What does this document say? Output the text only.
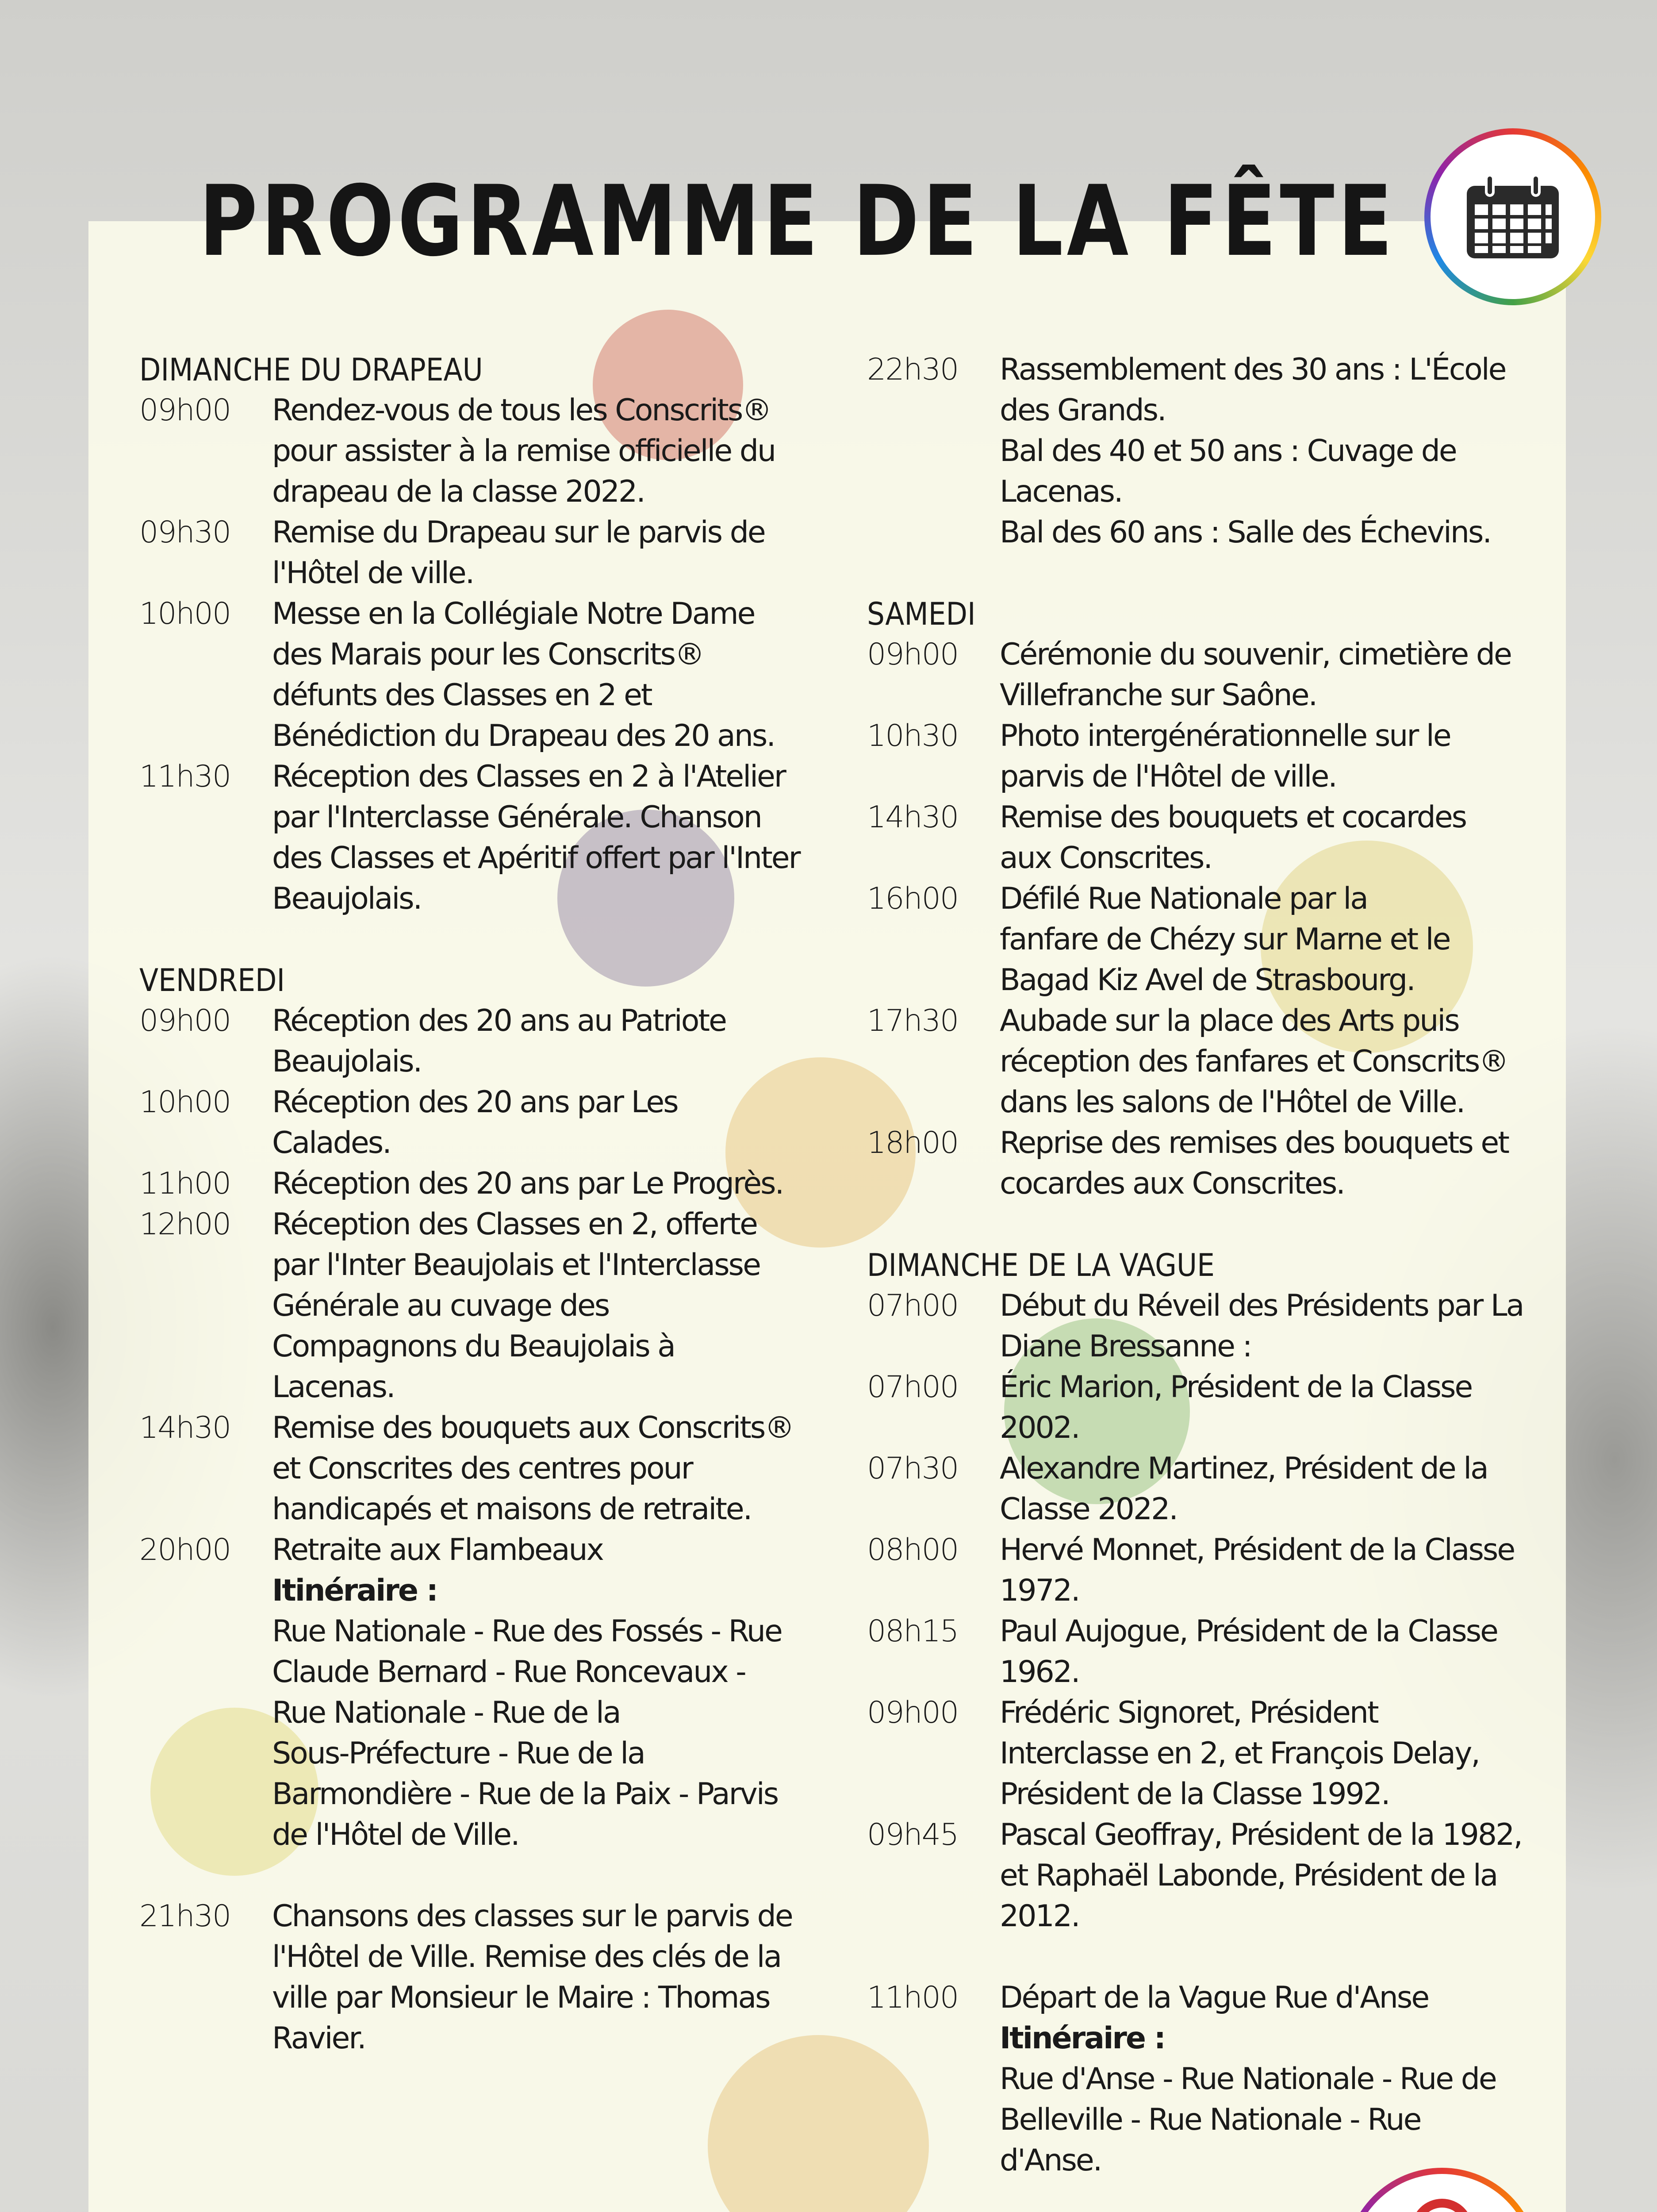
PROGRAMME DE LA FÊTE
DIMANCHE DU DRAPEAU
09h00	Rendez-vous de tous les Conscrits®
pour assister à la remise officielle du
drapeau de la classe 2022.
09h30	Remise du Drapeau sur le parvis de
l'Hôtel de ville.
10h00	Messe en la Collégiale Notre Dame
des Marais pour les Conscrits®
défunts des Classes en 2 et
Bénédiction du Drapeau des 20 ans.
11h30	Réception des Classes en 2 à l'Atelier
par l'Interclasse Générale. Chanson
des Classes et Apéritif offert par l'Inter
Beaujolais.
VENDREDI
09h00	Réception des 20 ans au Patriote
Beaujolais.
10h00	Réception des 20 ans par Les
Calades.
11h00	Réception des 20 ans par Le Progrès.
12h00	Réception des Classes en 2, offerte
par l'Inter Beaujolais et l'Interclasse
Générale au cuvage des
Compagnons du Beaujolais à
Lacenas.
14h30	Remise des bouquets aux Conscrits®
et Conscrites des centres pour
handicapés et maisons de retraite.
20h00	Retraite aux Flambeaux
Itinéraire :
Rue Nationale - Rue des Fossés - Rue
Claude Bernard - Rue Roncevaux -
Rue Nationale - Rue de la
Sous-Préfecture - Rue de la
Barmondière - Rue de la Paix - Parvis
de l'Hôtel de Ville.
21h30	Chansons des classes sur le parvis de
l'Hôtel de Ville. Remise des clés de la
ville par Monsieur le Maire : Thomas
Ravier.
22h30	Rassemblement des 30 ans : L'École
des Grands.
Bal des 40 et 50 ans : Cuvage de
Lacenas.
Bal des 60 ans : Salle des Échevins.
SAMEDI
09h00	Cérémonie du souvenir, cimetière de
Villefranche sur Saône.
10h30	Photo intergénérationnelle sur le
parvis de l'Hôtel de ville.
14h30	Remise des bouquets et cocardes
aux Conscrites.
16h00	Défilé Rue Nationale par la
fanfare de Chézy sur Marne et le
Bagad Kiz Avel de Strasbourg.
17h30	Aubade sur la place des Arts puis
réception des fanfares et Conscrits®
dans les salons de l'Hôtel de Ville.
18h00	Reprise des remises des bouquets et
cocardes aux Conscrites.
DIMANCHE DE LA VAGUE
07h00	Début du Réveil des Présidents par La
Diane Bressanne :
07h00	Éric Marion, Président de la Classe
2002.
07h30	Alexandre Martinez, Président de la
Classe 2022.
08h00	Hervé Monnet, Président de la Classe
1972.
08h15	Paul Aujogue, Président de la Classe
1962.
09h00	Frédéric Signoret, Président
Interclasse en 2, et François Delay,
Président de la Classe 1992.
09h45	Pascal Geoffray, Président de la 1982,
et Raphaël Labonde, Président de la
2012.
11h00	Départ de la Vague Rue d'Anse
Itinéraire :
Rue d'Anse - Rue Nationale - Rue de
Belleville - Rue Nationale - Rue
d'Anse.
